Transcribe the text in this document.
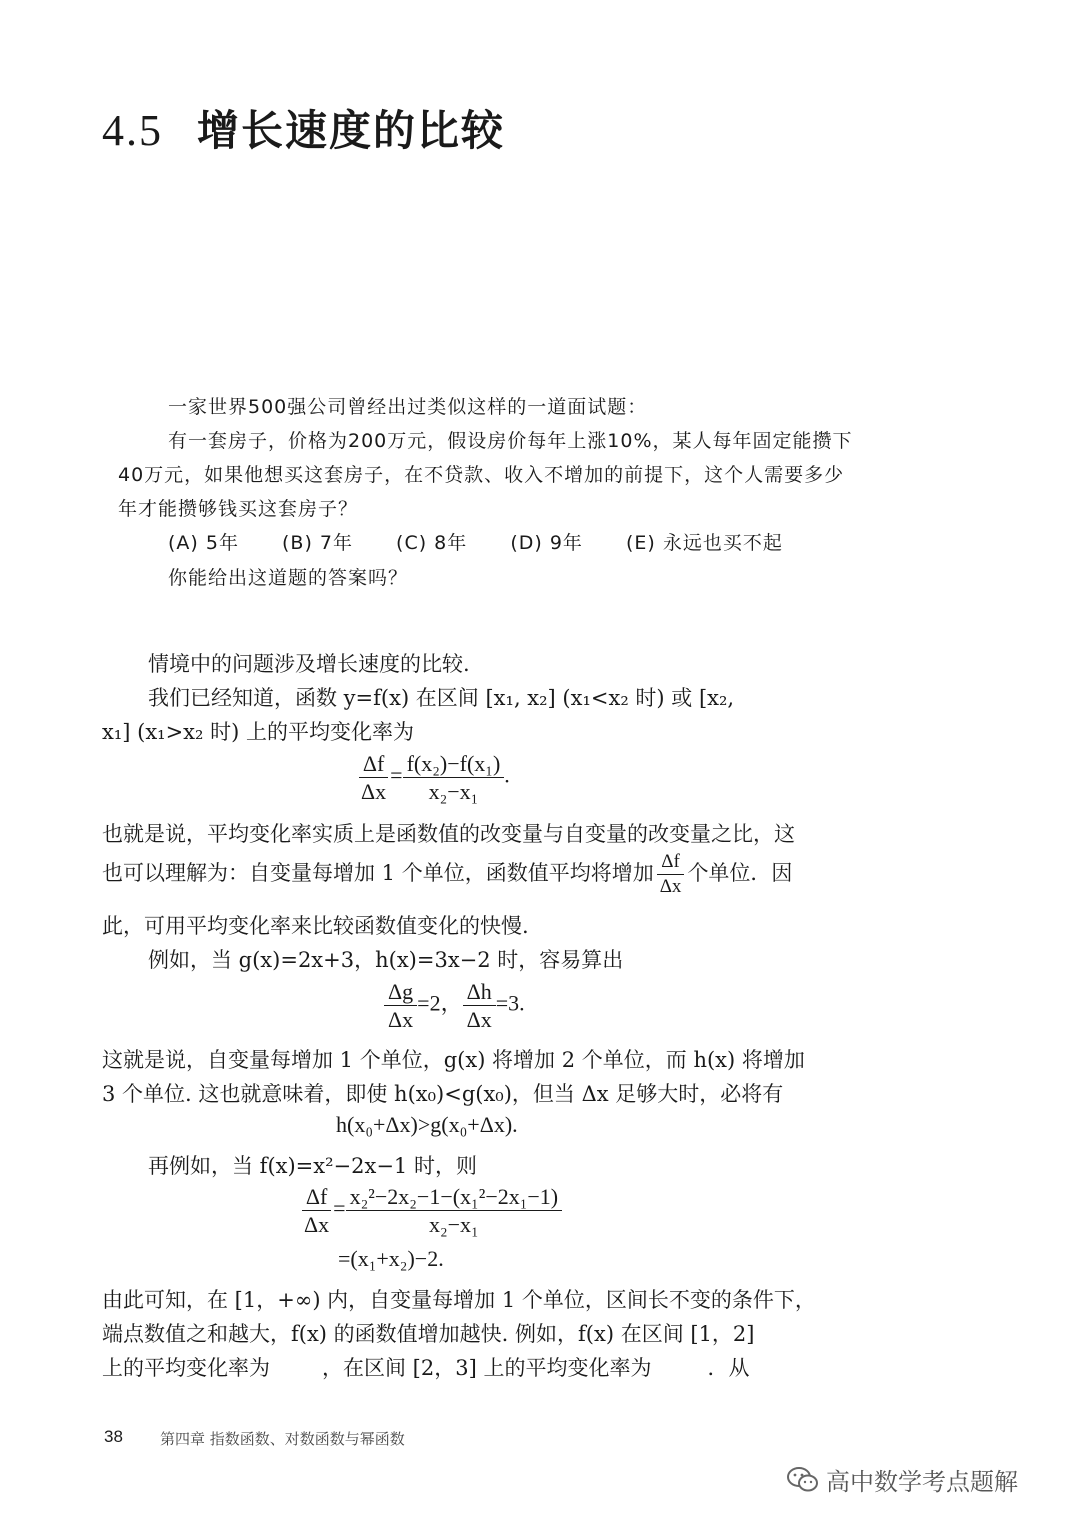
4.5 增长速度的比较
一家世界500强公司曾经出过类似这样的一道面试题：
有一套房子，价格为200万元，假设房价每年上涨10%，某人每年固定能攒下
40万元，如果他想买这套房子，在不贷款、收入不增加的前提下，这个人需要多少
年才能攒够钱买这套房子？
(A) 5年 (B) 7年 (C) 8年 (D) 9年 (E) 永远也买不起
你能给出这道题的答案吗？
情境中的问题涉及增长速度的比较.
我们已经知道，函数 y=f(x) 在区间 [x₁, x₂] (x₁<x₂ 时) 或 [x₂,
x₁] (x₁>x₂ 时) 上的平均变化率为
$\frac{\Delta f}{\Delta x} = \frac{\text{f(x₂)−f(x₁)}}{\text{x₂−x₁}}$ .
也就是说，平均变化率实质上是函数值的改变量与自变量的改变量之比，这
也可以理解为：自变量每增加 1 个单位，函数值平均将增加 $\frac{\Delta f}{\Delta x}$ 个单位．因
此，可用平均变化率来比较函数值变化的快慢.
例如，当 g(x)=2x+3，h(x)=3x−2 时，容易算出
$\frac{\Delta g}{\Delta x} =2$， $\frac{\Delta h}{\Delta x} =3$.
这就是说，自变量每增加 1 个单位，g(x) 将增加 2 个单位，而 h(x) 将增加
3 个单位. 这也就意味着，即使 h(x₀)<g(x₀)，但当 Δx 足够大时，必将有
h(x₀+Δx)>g(x₀+Δx).
再例如，当 f(x)=x²−2x−1 时，则
$\frac{\Delta f}{\Delta x} = \frac{\text{x₂²−2x₂−1−(x₁²−2x₁−1)}}{\text{x₂−x₁}}$
=(x₁+x₂)−2.
由此可知，在 [1，+∞) 内，自变量每增加 1 个单位，区间长不变的条件下，
端点数值之和越大，f(x) 的函数值增加越快. 例如，f(x) 在区间 [1，2]
上的平均变化率为 ，在区间 [2，3] 上的平均变化率为	．从
38 第四章 指数函数、对数函数与幂函数
高中数学考点题解
